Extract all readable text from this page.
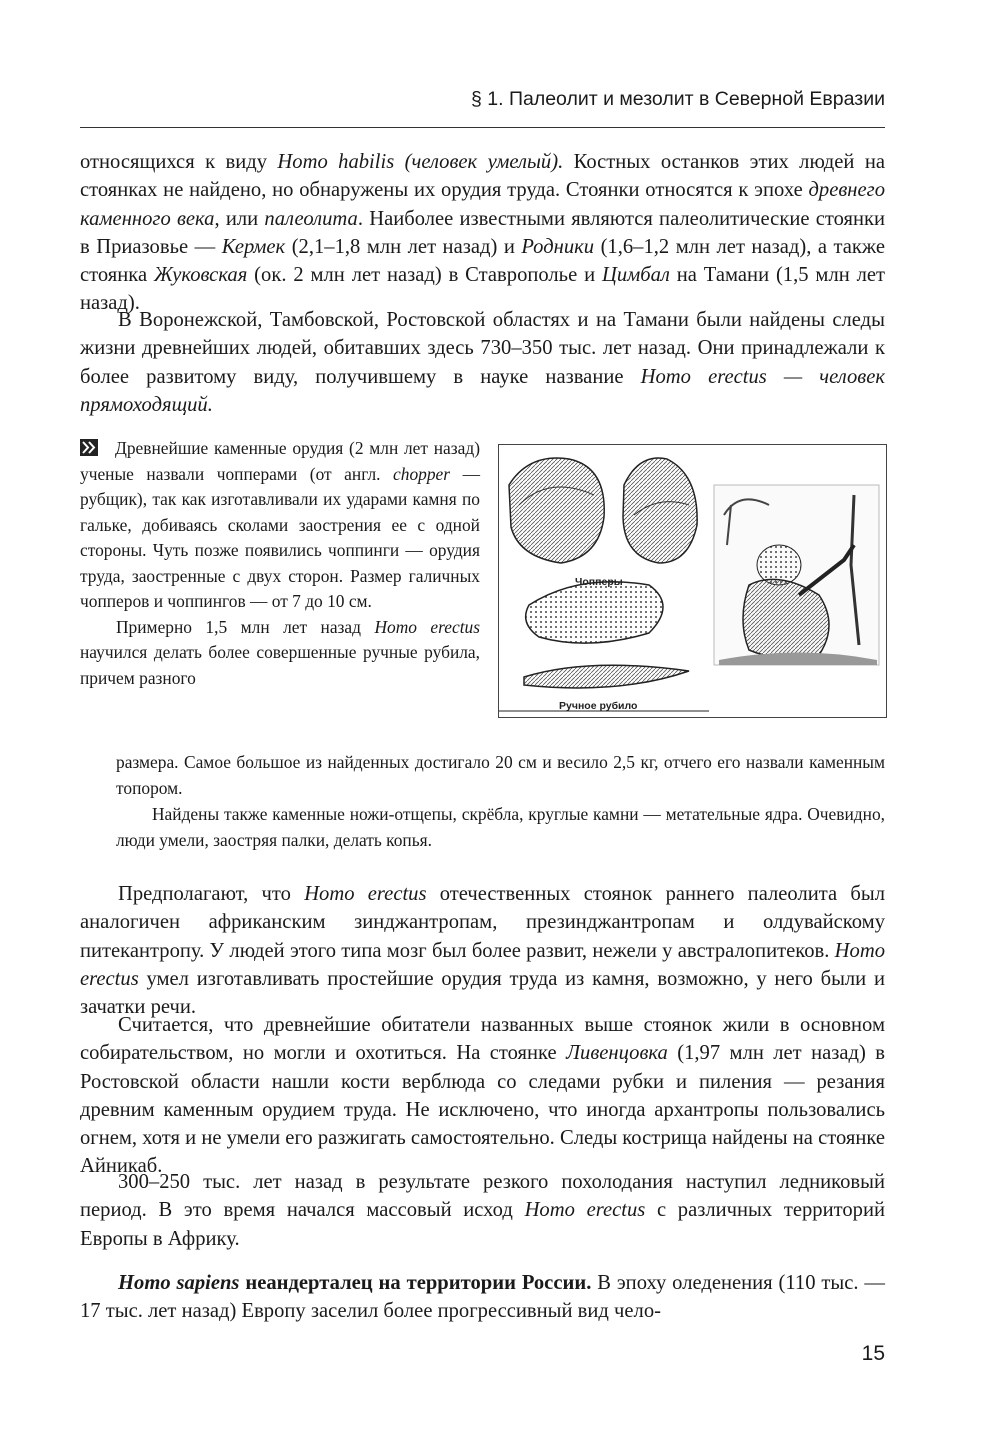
§ 1. Палеолит и мезолит в Северной Евразии

относящихся к виду Homo habilis (человек умелый). Костных останков этих людей на стоянках не найдено, но обнаружены их орудия труда. Стоянки относятся к эпохе древнего каменного века, или палеолита. Наиболее известными являются палеолитические стоянки в Приазовье — Кермек (2,1–1,8 млн лет назад) и Родники (1,6–1,2 млн лет назад), а также стоянка Жуковская (ок. 2 млн лет назад) в Ставрополье и Цимбал на Тамани (1,5 млн лет назад).

В Воронежской, Тамбовской, Ростовской областях и на Тамани были найдены следы жизни древнейших людей, обитавших здесь 730–350 тыс. лет назад. Они принадлежали к более развитому виду, получившему в науке название Homo erectus — человек прямоходящий.

Древнейшие каменные орудия (2 млн лет назад) ученые назвали чопперами (от англ. chopper — рубщик), так как изготавливали их ударами камня по гальке, добиваясь сколами заострения ее с одной стороны. Чуть позже появились чоппинги — орудия труда, заостренные с двух сторон. Размер галичных чопперов и чоппингов — от 7 до 10 см.

Примерно 1,5 млн лет назад Homo erectus научился делать более совершенные ручные рубила, причем разного

размера. Самое большое из найденных достигало 20 см и весило 2,5 кг, отчего его назвали каменным топором.

Найдены также каменные ножи-отщепы, скрёбла, круглые камни — метательные ядра. Очевидно, люди умели, заостряя палки, делать копья.

Чопперы
Ручное рубило

Предполагают, что Homo erectus отечественных стоянок раннего палеолита был аналогичен африканским зинджантропам, презинджантропам и олдувайскому питекантропу. У людей этого типа мозг был более развит, нежели у австралопитеков. Homo erectus умел изготавливать простейшие орудия труда из камня, возможно, у него были и зачатки речи.

Считается, что древнейшие обитатели названных выше стоянок жили в основном собирательством, но могли и охотиться. На стоянке Ливенцовка (1,97 млн лет назад) в Ростовской области нашли кости верблюда со следами рубки и пиления — резания древним каменным орудием труда. Не исключено, что иногда архантропы пользовались огнем, хотя и не умели его разжигать самостоятельно. Следы кострища найдены на стоянке Айникаб.

300–250 тыс. лет назад в результате резкого похолодания наступил ледниковый период. В это время начался массовый исход Homo erectus с различных территорий Европы в Африку.

Homo sapiens неандерталец на территории России. В эпоху оледенения (110 тыс. — 17 тыс. лет назад) Европу заселил более прогрессивный вид чело-

15
